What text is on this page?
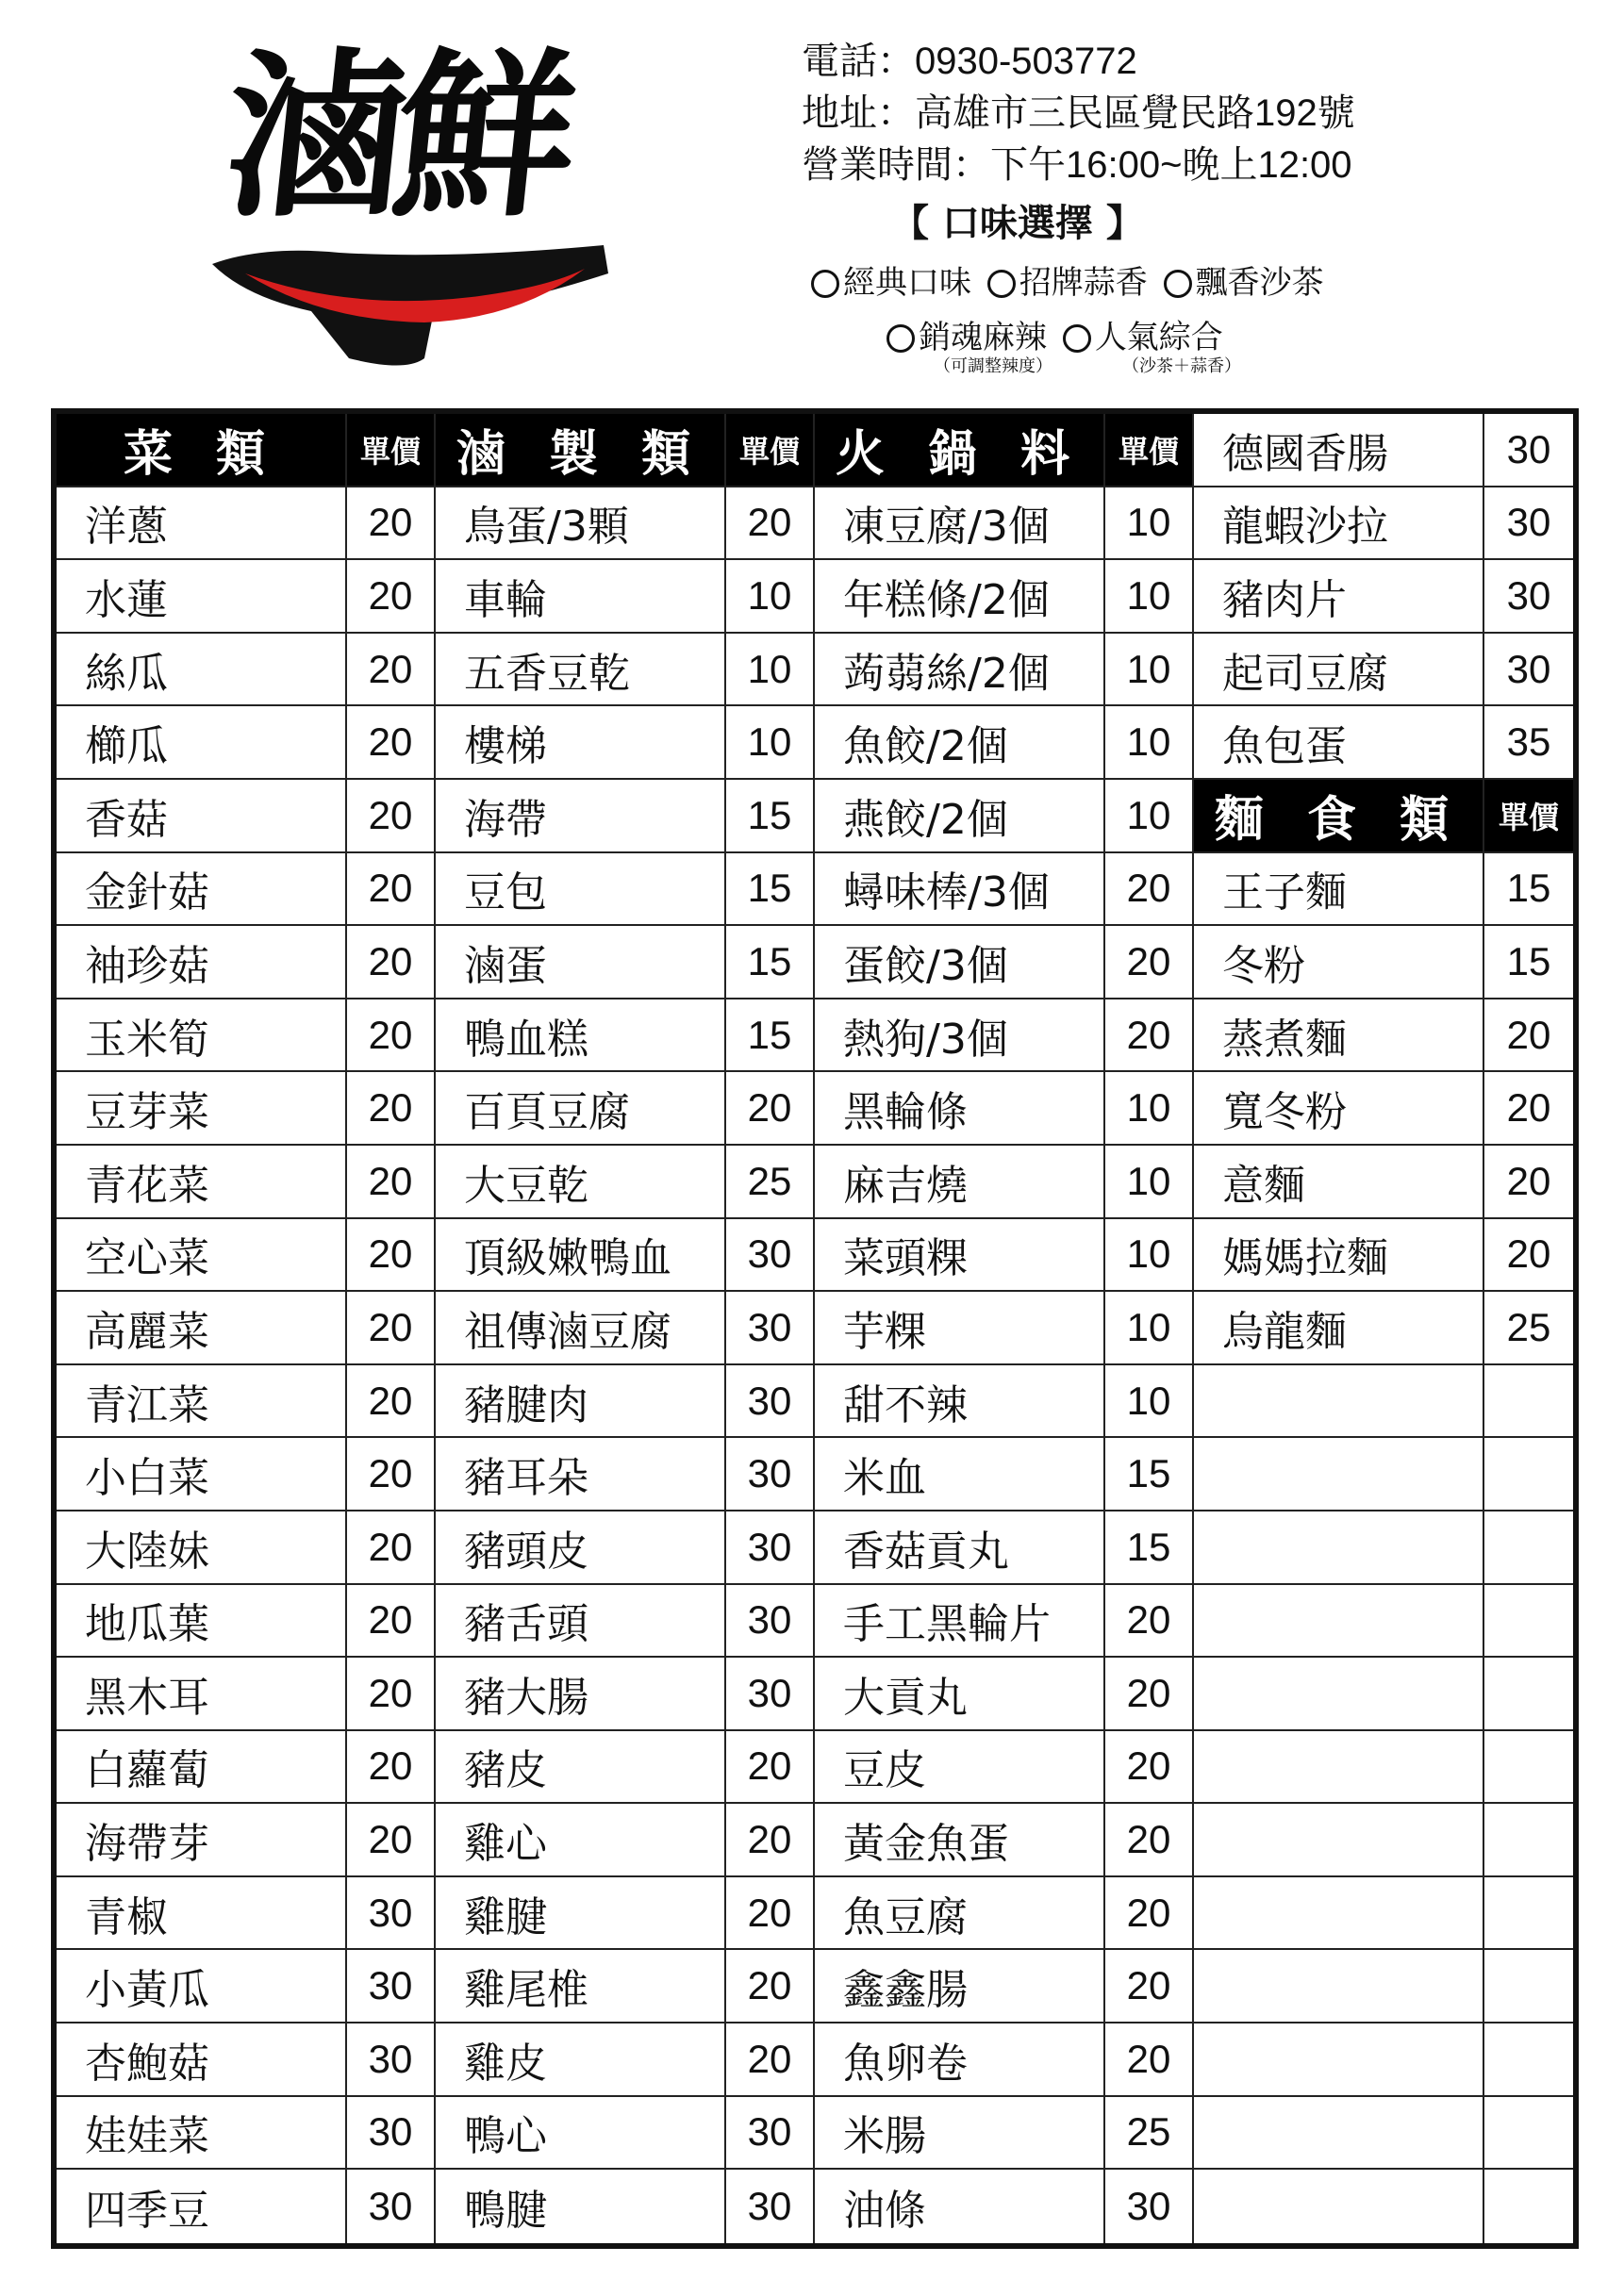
滷鮮	電話：0930-503772
地址：高雄市三民區覺民路192號
營業時間：下午16:00~晚上12:00
【 口味選擇 】
經典口味 招牌蒜香 飄香沙茶
銷魂麻辣 人氣綜合
（可調整辣度）	（沙茶＋蒜香）
菜 類
洋蔥
水蓮
絲瓜
櫛瓜
香菇
金針菇
袖珍菇
玉米筍
豆芽菜
青花菜
空心菜
高麗菜
青江菜
小白菜
大陸妹
地瓜葉
黑木耳
白蘿蔔
海帶芽
青椒
小黃瓜
杏鮑菇
娃娃菜
四季豆
單價
20
20
20
20
20
20
20
20
20
20
20
20
20
20
20
20
20
20
20
30
30
30
30
30
滷 製 類
鳥蛋/3顆
車輪
五香豆乾
樓梯
海帶
豆包
滷蛋
鴨血糕
百頁豆腐
大豆乾
頂級嫩鴨血
祖傳滷豆腐
豬腱肉
豬耳朵
豬頭皮
豬舌頭
豬大腸
豬皮
雞心
雞腱
雞尾椎
雞皮
鴨心
鴨腱
單價
20
10
10
10
15
15
15
15
20
25
30
30
30
30
30
30
30
20
20
20
20
20
30
30
火 鍋 料
凍豆腐/3個
年糕條/2個
蒟蒻絲/2個
魚餃/2個
燕餃/2個
蟳味棒/3個
蛋餃/3個
熱狗/3個
黑輪條
麻吉燒
菜頭粿
芋粿
甜不辣
米血
香菇貢丸
手工黑輪片
大貢丸
豆皮
黃金魚蛋
魚豆腐
鑫鑫腸
魚卵卷
米腸
油條
單價
10
10
10
10
10
20
20
20
10
10
10
10
10
15
15
20
20
20
20
20
20
20
25
30
德國香腸
龍蝦沙拉
豬肉片
起司豆腐
魚包蛋
麵 食 類
王子麵
冬粉
蒸煮麵
寬冬粉
意麵
媽媽拉麵
烏龍麵
30
30
30
30
35
單價
15
15
20
20
20
20
25
